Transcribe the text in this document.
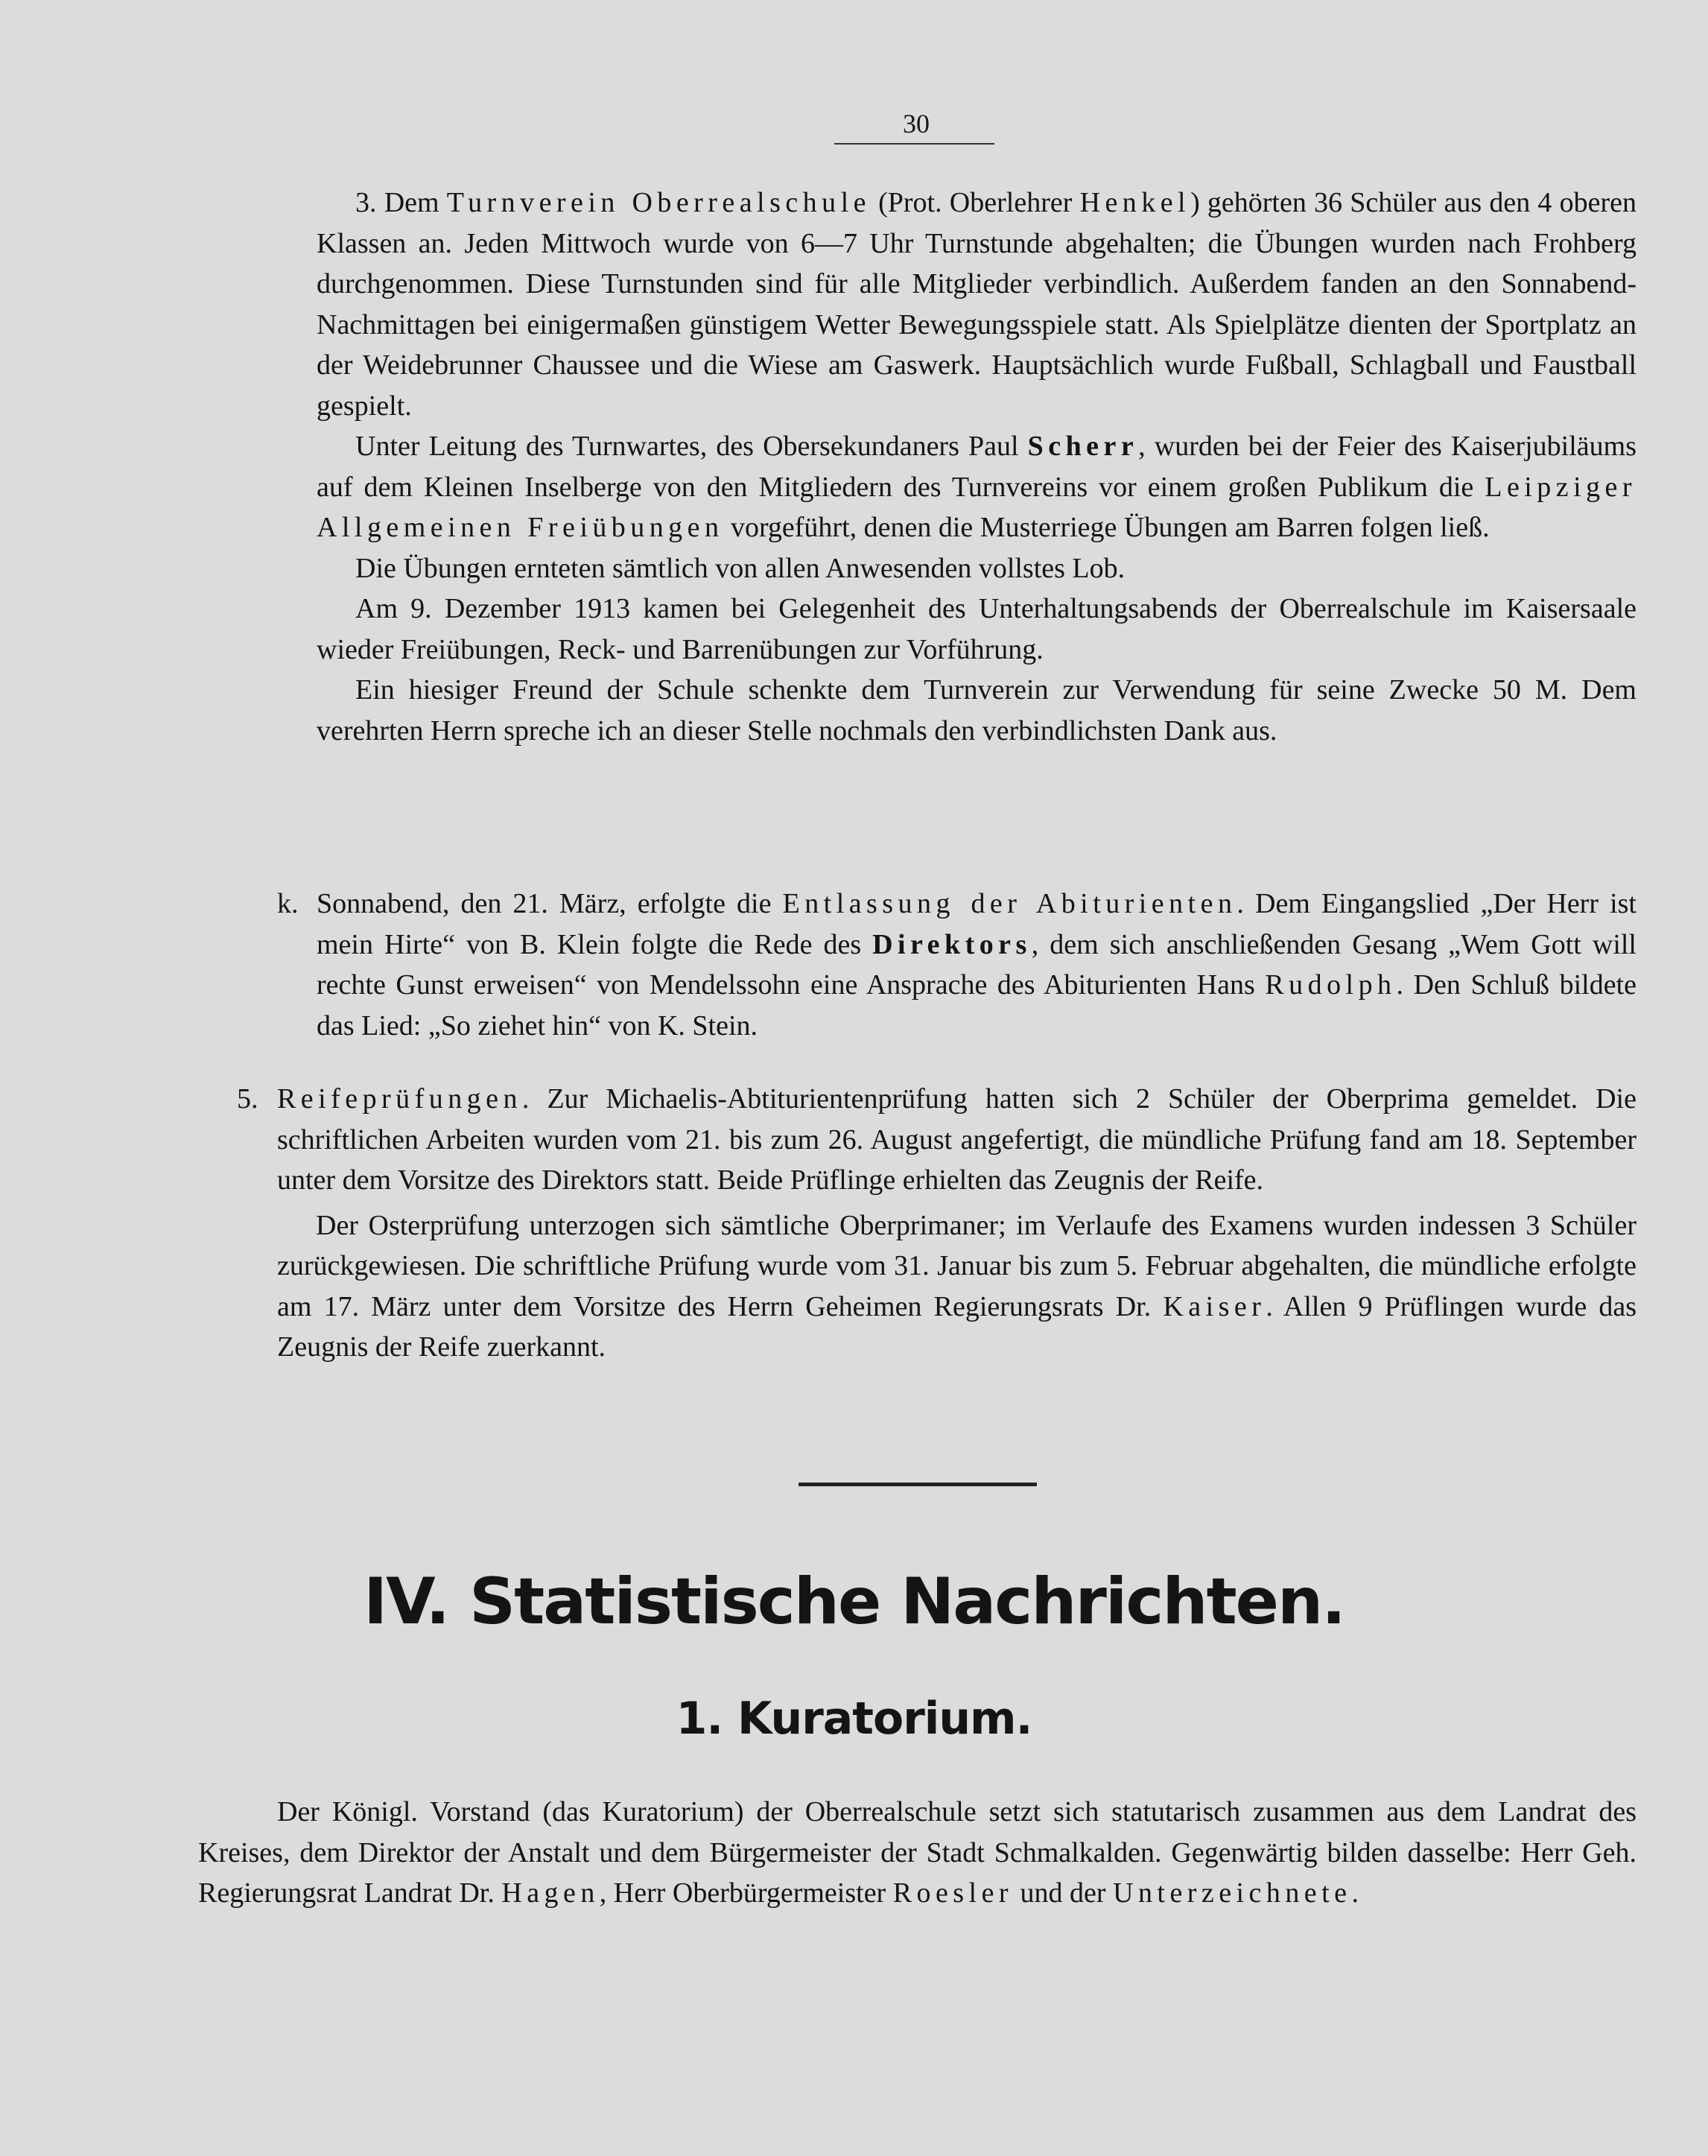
30

3. Dem Turnverein Oberrealschule (Prot. Oberlehrer Henkel) gehörten 36 Schüler aus den 4 oberen Klassen an. Jeden Mittwoch wurde von 6—7 Uhr Turnstunde abgehalten; die Übungen wurden nach Frohberg durchgenommen. Diese Turnstunden sind für alle Mitglieder verbindlich. Außerdem fanden an den Sonnabend-Nachmittagen bei einigermaßen günstigem Wetter Bewegungsspiele statt. Als Spielplätze dienten der Sportplatz an der Weidebrunner Chaussee und die Wiese am Gaswerk. Hauptsächlich wurde Fußball, Schlagball und Faustball gespielt.

Unter Leitung des Turnwartes, des Obersekundaners Paul Scherr, wurden bei der Feier des Kaiserjubiläums auf dem Kleinen Inselberge von den Mitgliedern des Turnvereins vor einem großen Publikum die Leipziger Allgemeinen Freiübungen vorgeführt, denen die Musterriege Übungen am Barren folgen ließ.

Die Übungen ernteten sämtlich von allen Anwesenden vollstes Lob.

Am 9. Dezember 1913 kamen bei Gelegenheit des Unterhaltungsabends der Oberrealschule im Kaisersaale wieder Freiübungen, Reck- und Barrenübungen zur Vorführung.

Ein hiesiger Freund der Schule schenkte dem Turnverein zur Verwendung für seine Zwecke 50 M. Dem verehrten Herrn spreche ich an dieser Stelle nochmals den verbindlichsten Dank aus.

k. Sonnabend, den 21. März, erfolgte die Entlassung der Abiturienten. Dem Eingangslied „Der Herr ist mein Hirte“ von B. Klein folgte die Rede des Direktors, dem sich anschließenden Gesang „Wem Gott will rechte Gunst erweisen“ von Mendelssohn eine Ansprache des Abiturienten Hans Rudolph. Den Schluß bildete das Lied: „So ziehet hin“ von K. Stein.

5. Reifeprüfungen. Zur Michaelis-Abtiturientenprüfung hatten sich 2 Schüler der Oberprima gemeldet. Die schriftlichen Arbeiten wurden vom 21. bis zum 26. August angefertigt, die mündliche Prüfung fand am 18. September unter dem Vorsitze des Direktors statt. Beide Prüflinge erhielten das Zeugnis der Reife.

Der Osterprüfung unterzogen sich sämtliche Oberprimaner; im Verlaufe des Examens wurden indessen 3 Schüler zurückgewiesen. Die schriftliche Prüfung wurde vom 31. Januar bis zum 5. Februar abgehalten, die mündliche erfolgte am 17. März unter dem Vorsitze des Herrn Geheimen Regierungsrats Dr. Kaiser. Allen 9 Prüflingen wurde das Zeugnis der Reife zuerkannt.

IV. Statistische Nachrichten.
1. Kuratorium.

Der Königl. Vorstand (das Kuratorium) der Oberrealschule setzt sich statutarisch zusammen aus dem Landrat des Kreises, dem Direktor der Anstalt und dem Bürgermeister der Stadt Schmalkalden. Gegenwärtig bilden dasselbe: Herr Geh. Regierungsrat Landrat Dr. Hagen, Herr Oberbürgermeister Roesler und der Unterzeichnete.
